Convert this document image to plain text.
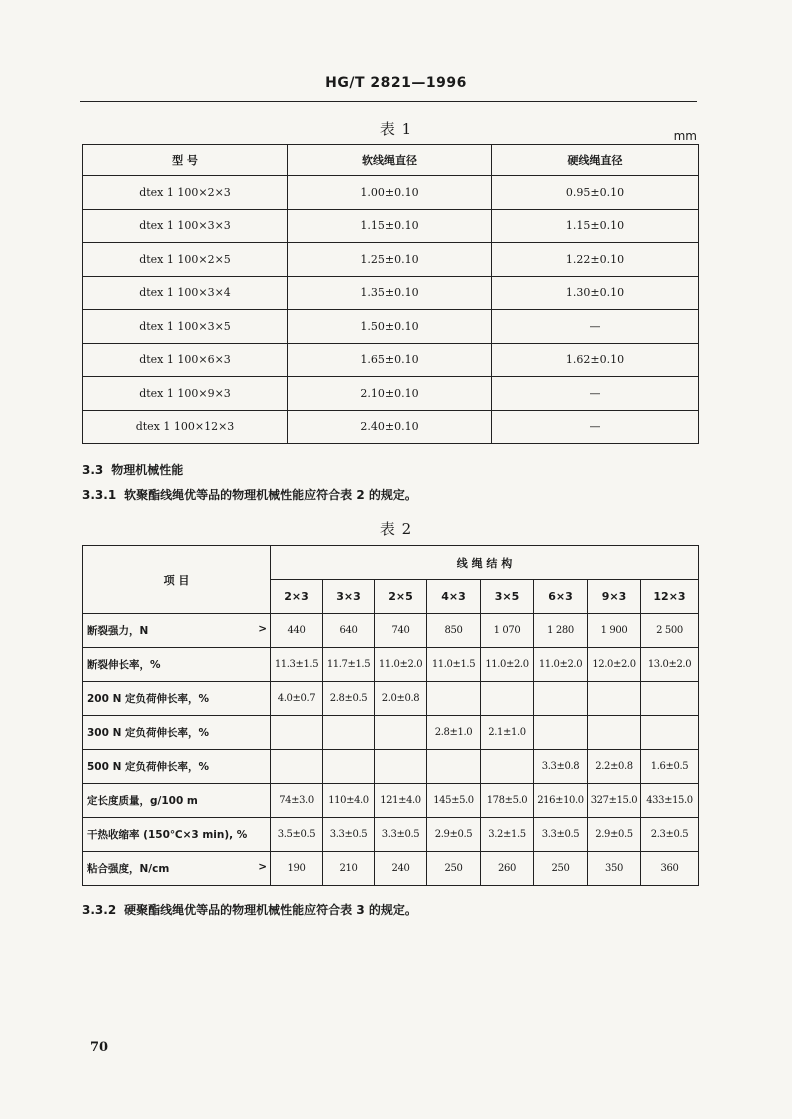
HG/T 2821—1996
表 1	mm
型 号	软线绳直径	硬线绳直径
dtex 1 100×2×3	1.00±0.10	0.95±0.10
dtex 1 100×3×3	1.15±0.10	1.15±0.10
dtex 1 100×2×5	1.25±0.10	1.22±0.10
dtex 1 100×3×4	1.35±0.10	1.30±0.10
dtex 1 100×3×5	1.50±0.10	—
dtex 1 100×6×3	1.65±0.10	1.62±0.10
dtex 1 100×9×3	2.10±0.10	—
dtex 1 100×12×3	2.40±0.10	—
3.3 物理机械性能
3.3.1 软聚酯线绳优等品的物理机械性能应符合表 2 的规定。
表 2
项 目	线 绳 结 构							
	2×3	3×3	2×5	4×3	3×5	6×3	9×3	12×3

>
断裂强力，N	440	640	740	850	1 070	1 280	1 900	2 500
断裂伸长率，%	11.3±1.5	11.7±1.5	11.0±2.0	11.0±1.5	11.0±2.0	11.0±2.0	12.0±2.0	13.0±2.0
200 N 定负荷伸长率，%	4.0±0.7	2.8±0.5	2.0±0.8					
300 N 定负荷伸长率，%				2.8±1.0	2.1±1.0			
500 N 定负荷伸长率，%						3.3±0.8	2.2±0.8	1.6±0.5
定长度质量，g/100 m	74±3.0	110±4.0	121±4.0	145±5.0	178±5.0	216±10.0	327±15.0	433±15.0
干热收缩率 (150℃×3 min), %	3.5±0.5	3.3±0.5	3.3±0.5	2.9±0.5	3.2±1.5	3.3±0.5	2.9±0.5	2.3±0.5

>
粘合强度，N/cm	190	210	240	250	260	250	350	360
3.3.2 硬聚酯线绳优等品的物理机械性能应符合表 3 的规定。
70
